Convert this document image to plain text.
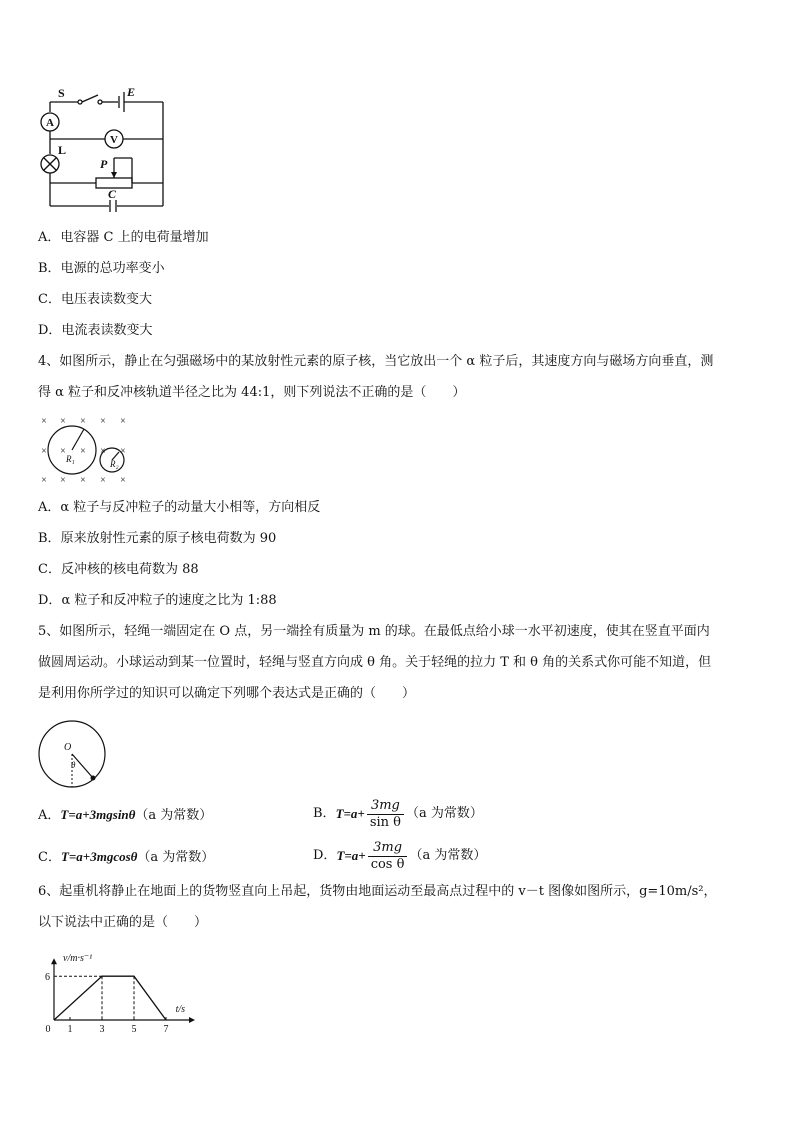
S	E
A
V
L
P
C
A．电容器 C 上的电荷量增加
B．电源的总功率变小
C．电压表读数变大
D．电流表读数变大
4、如图所示，静止在匀强磁场中的某放射性元素的原子核，当它放出一个 α 粒子后，其速度方向与磁场方向垂直，测
得 α 粒子和反冲核轨道半径之比为 44:1，则下列说法不正确的是（　　）
× × × × ×
×
× × × × ×
× × × ×
R₁	R₂
A．α 粒子与反冲粒子的动量大小相等，方向相反
B．原来放射性元素的原子核电荷数为 90
C．反冲核的核电荷数为 88
D．α 粒子和反冲粒子的速度之比为 1:88
5、如图所示，轻绳一端固定在 O 点，另一端拴有质量为 m 的球。在最低点给小球一水平初速度，使其在竖直平面内
做圆周运动。小球运动到某一位置时，轻绳与竖直方向成 θ 角。关于轻绳的拉力 T 和 θ 角的关系式你可能不知道，但
是利用你所学过的知识可以确定下列哪个表达式是正确的（　　）
O
θ
A．T=a+3mgsinθ（a 为常数）	B． $T=a+ \frac{3mg}{\text{sin θ}} (a$ 为常数）
C．T=a+3mgcosθ（a 为常数）	D． $T=a+ \frac{3mg}{\text{cos θ}} (a$ 为常数）
6、起重机将静止在地面上的货物竖直向上吊起，货物由地面运动至最高点过程中的 v－t 图像如图所示，g=10m/s²，
以下说法中正确的是（　　）
0 1	3	5	7
6
t/s
v/m·s⁻¹
